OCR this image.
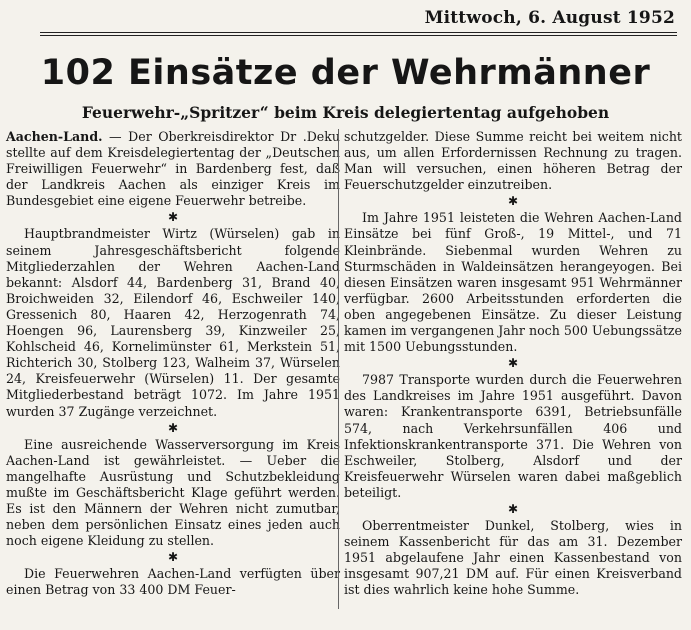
Mittwoch, 6. August 1952
102 Einsätze der Wehrmänner
Feuerwehr-„Spritzer“ beim Kreis delegiertentag aufgehoben

Aachen-Land. — Der Oberkreisdirektor Dr .Deku stellte auf dem Kreisdelegiertentag der „Deutschen Freiwilligen Feuerwehr“ in Bardenberg fest, daß der Landkreis Aachen als einziger Kreis im Bundesgebiet eine eigene Feuerwehr betreibe.

✱

Hauptbrandmeister Wirtz (Würselen) gab in seinem Jahresgeschäftsbericht folgende Mitgliederzahlen der Wehren Aachen-Land bekannt: Alsdorf 44, Bardenberg 31, Brand 40, Broichweiden 32, Eilendorf 46, Eschweiler 140, Gressenich 80, Haaren 42, Herzogenrath 74, Hoengen 96, Laurensberg 39, Kinzweiler 25, Kohlscheid 46, Kornelimünster 61, Merkstein 51, Richterich 30, Stolberg 123, Walheim 37, Würselen 24, Kreisfeuerwehr (Würselen) 11. Der gesamte Mitgliederbestand beträgt 1072. Im Jahre 1951 wurden 37 Zugänge verzeichnet.

✱

Eine ausreichende Wasserversorgung im Kreis Aachen-Land ist gewährleistet. — Ueber die mangelhafte Ausrüstung und Schutzbekleidung mußte im Geschäftsbericht Klage geführt werden. Es ist den Männern der Wehren nicht zumutbar, neben dem persönlichen Einsatz eines jeden auch noch eigene Kleidung zu stellen.

✱

Die Feuerwehren Aachen-Land verfügten über einen Betrag von 33 400 DM Feuer-

schutzgelder. Diese Summe reicht bei weitem nicht aus, um allen Erfordernissen Rechnung zu tragen. Man will versuchen, einen höheren Betrag der Feuerschutzgelder einzutreiben.

✱

Im Jahre 1951 leisteten die Wehren Aachen-Land Einsätze bei fünf Groß-, 19 Mittel-, und 71 Kleinbrände. Siebenmal wurden Wehren zu Sturmschäden in Waldeinsätzen herangeyogen. Bei diesen Einsätzen waren insgesamt 951 Wehrmänner verfügbar. 2600 Arbeitsstunden erforderten die oben angegebenen Einsätze. Zu dieser Leistung kamen im vergangenen Jahr noch 500 Uebungssätze mit 1500 Uebungsstunden.

✱

7987 Transporte wurden durch die Feuerwehren des Landkreises im Jahre 1951 ausgeführt. Davon waren: Krankentransporte 6391, Betriebsunfälle 574, nach Verkehrsunfällen 406 und Infektionskrankentransporte 371. Die Wehren von Eschweiler, Stolberg, Alsdorf und der Kreisfeuerwehr Würselen waren dabei maßgeblich beteiligt.

✱

Oberrentmeister Dunkel, Stolberg, wies in seinem Kassenbericht für das am 31. Dezember 1951 abgelaufene Jahr einen Kassenbestand von insgesamt 907,21 DM auf. Für einen Kreisverband ist dies wahrlich keine hohe Summe.
